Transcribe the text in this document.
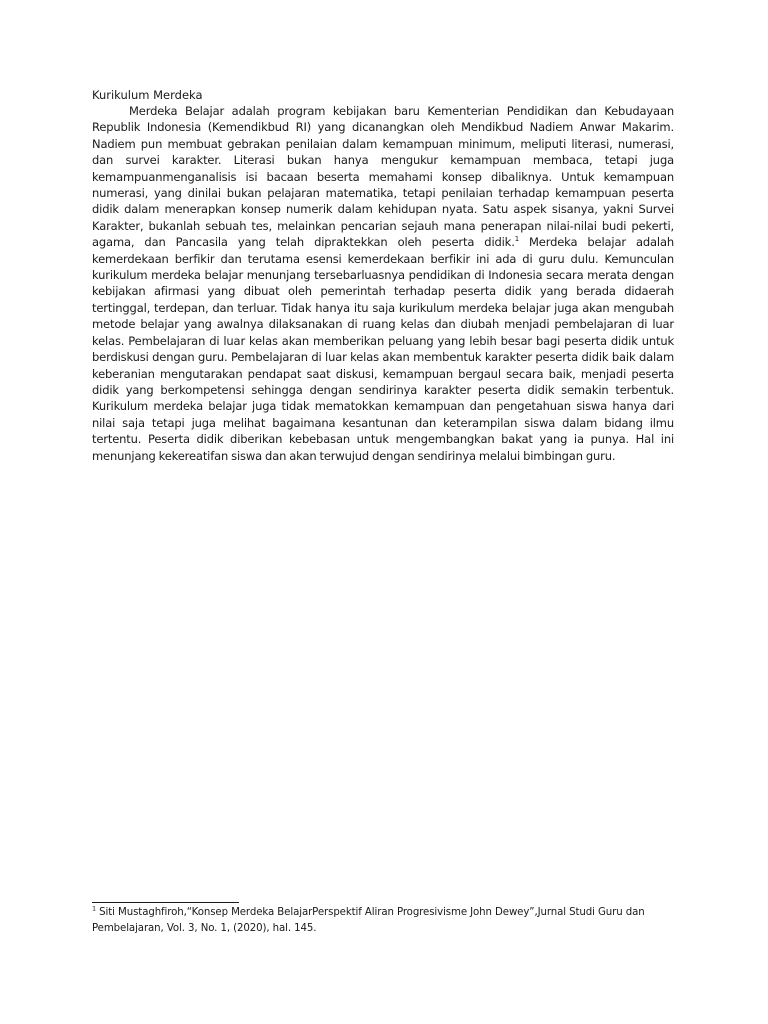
Kurikulum Merdeka

Merdeka Belajar adalah program kebijakan baru Kementerian Pendidikan dan Kebudayaan Republik Indonesia (Kemendikbud RI) yang dicanangkan oleh Mendikbud Nadiem Anwar Makarim. Nadiem pun membuat gebrakan penilaian dalam kemampuan minimum, meliputi literasi, numerasi, dan survei karakter. Literasi bukan hanya mengukur kemampuan membaca, tetapi juga kemampuanmenganalisis isi bacaan beserta memahami konsep dibaliknya. Untuk kemampuan numerasi, yang dinilai bukan pelajaran matematika, tetapi penilaian terhadap kemampuan peserta didik dalam menerapkan konsep numerik dalam kehidupan nyata. Satu aspek sisanya, yakni Survei Karakter, bukanlah sebuah tes, melainkan pencarian sejauh mana penerapan nilai-nilai budi pekerti, agama, dan Pancasila yang telah dipraktekkan oleh peserta didik.$^1$ Merdeka belajar adalah kemerdekaan berfikir dan terutama esensi kemerdekaan berfikir ini ada di guru dulu. Kemunculan kurikulum merdeka belajar menunjang tersebarluasnya pendidikan di Indonesia secara merata dengan kebijakan afirmasi yang dibuat oleh pemerintah terhadap peserta didik yang berada didaerah tertinggal, terdepan, dan terluar. Tidak hanya itu saja kurikulum merdeka belajar juga akan mengubah metode belajar yang awalnya dilaksanakan di ruang kelas dan diubah menjadi pembelajaran di luar kelas. Pembelajaran di luar kelas akan memberikan peluang yang lebih besar bagi peserta didik untuk berdiskusi dengan guru. Pembelajaran di luar kelas akan membentuk karakter peserta didik baik dalam keberanian mengutarakan pendapat saat diskusi, kemampuan bergaul secara baik, menjadi peserta didik yang berkompetensi sehingga dengan sendirinya karakter peserta didik semakin terbentuk. Kurikulum merdeka belajar juga tidak mematokkan kemampuan dan pengetahuan siswa hanya dari nilai saja tetapi juga melihat bagaimana kesantunan dan keterampilan siswa dalam bidang ilmu tertentu. Peserta didik diberikan kebebasan untuk mengembangkan bakat yang ia punya. Hal ini menunjang kekereatifan siswa dan akan terwujud dengan sendirinya melalui bimbingan guru.

$^1$ Siti Mustaghfiroh,“Konsep Merdeka BelajarPerspektif Aliran Progresivisme John Dewey”,Jurnal Studi Guru dan Pembelajaran, Vol. 3, No. 1, (2020), hal. 145.
